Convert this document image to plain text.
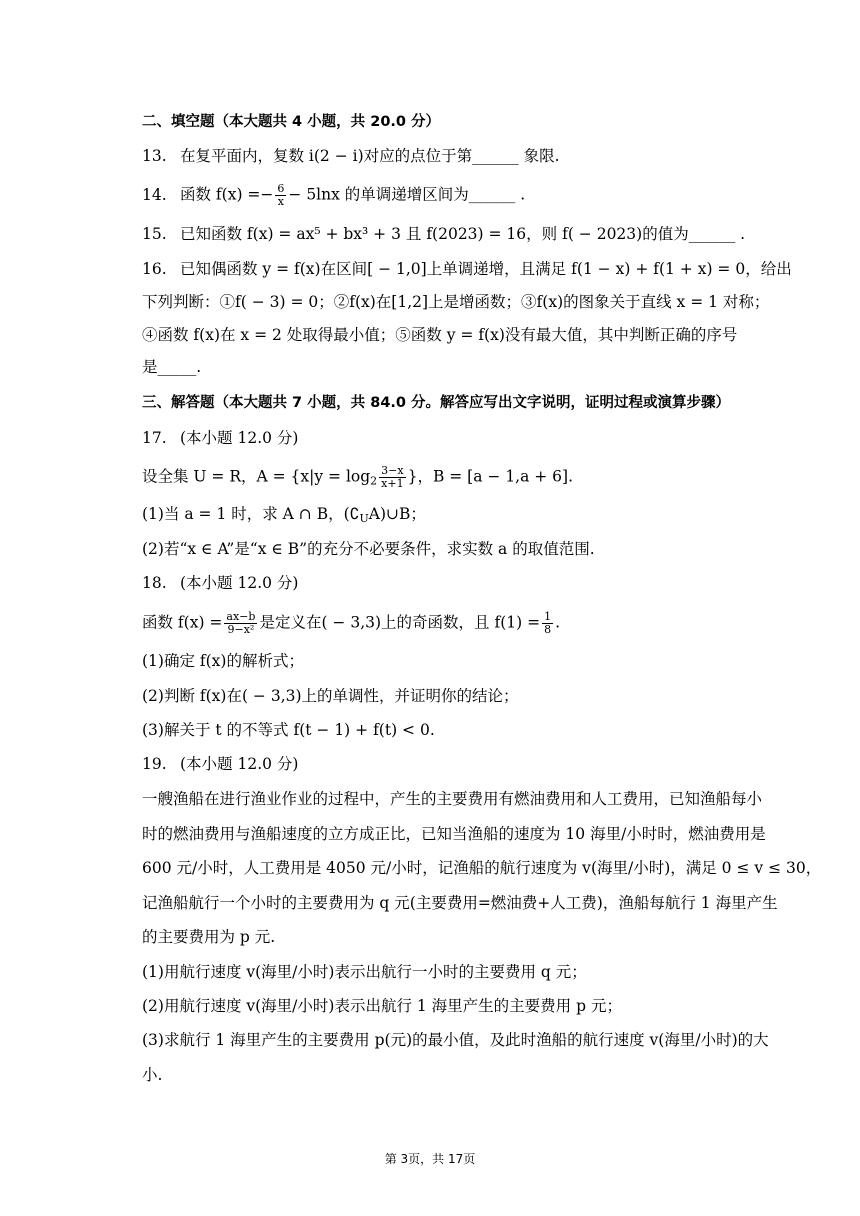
二、填空题（本大题共 4 小题，共 20.0 分）
13. 在复平面内，复数 i(2 − i)对应的点位于第______ 象限.
14. 函数 $f(x) =- \frac{6}{x} - 5\ln x$ 的单调递增区间为______ .
15. 已知函数 f(x) = ax⁵ + bx³ + 3 且 f(2023) = 16，则 f( − 2023)的值为______ .
16. 已知偶函数 y = f(x)在区间[ − 1,0]上单调递增，且满足 f(1 − x) + f(1 + x) = 0，给出
下列判断：①f( − 3) = 0；②f(x)在[1,2]上是增函数；③f(x)的图象关于直线 x = 1 对称；
④函数 f(x)在 x = 2 处取得最小值；⑤函数 y = f(x)没有最大值，其中判断正确的序号
是_____.
三、解答题（本大题共 7 小题，共 84.0 分。解答应写出文字说明，证明过程或演算步骤）
17. (本小题 12.0 分)
设全集 U = R，$A = \{x|y = \log_2 \frac{3-x}{x+1}$ }，B = [a − 1,a + 6].
(1)当 a = 1 时，求 A ∩ B，$(∁_UA)\cup B$；
(2)若“x ∈ A”是“x ∈ B”的充分不必要条件，求实数 a 的取值范围.
18. (本小题 12.0 分)
函数 $f(x) = \frac{ax-b}{\text{9−x²}}$ 是定义在( − 3,3)上的奇函数，且 $f(1) = \frac{1}{8}$ .
(1)确定 f(x)的解析式；
(2)判断 f(x)在( − 3,3)上的单调性，并证明你的结论；
(3)解关于 t 的不等式 f(t − 1) + f(t) < 0.
19. (本小题 12.0 分)
一艘渔船在进行渔业作业的过程中，产生的主要费用有燃油费用和人工费用，已知渔船每小
时的燃油费用与渔船速度的立方成正比，已知当渔船的速度为 10 海里/小时时，燃油费用是
600 元/小时，人工费用是 4050 元/小时，记渔船的航行速度为 v(海里/小时)，满足 0 ≤ v ≤ 30，
记渔船航行一个小时的主要费用为 q 元(主要费用=燃油费+人工费)，渔船每航行 1 海里产生
的主要费用为 p 元.
(1)用航行速度 v(海里/小时)表示出航行一小时的主要费用 q 元；
(2)用航行速度 v(海里/小时)表示出航行 1 海里产生的主要费用 p 元；
(3)求航行 1 海里产生的主要费用 p(元)的最小值，及此时渔船的航行速度 v(海里/小时)的大
小.
第 3页，共 17页
